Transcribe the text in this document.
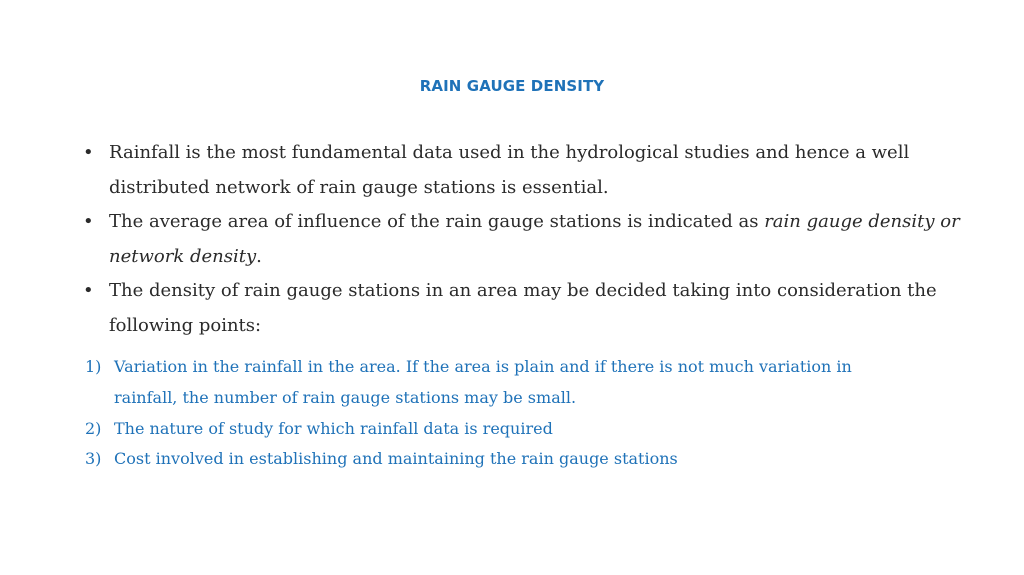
RAIN GAUGE DENSITY
• Rainfall is the most fundamental data used in the hydrological studies and hence a well distributed network of rain gauge stations is essential.
• The average area of influence of the rain gauge stations is indicated as rain gauge density or network density.
• The density of rain gauge stations in an area may be decided taking into consideration the following points:
1) Variation in the rainfall in the area. If the area is plain and if there is not much variation in rainfall, the number of rain gauge stations may be small.
2) The nature of study for which rainfall data is required
3) Cost involved in establishing and maintaining the rain gauge stations
